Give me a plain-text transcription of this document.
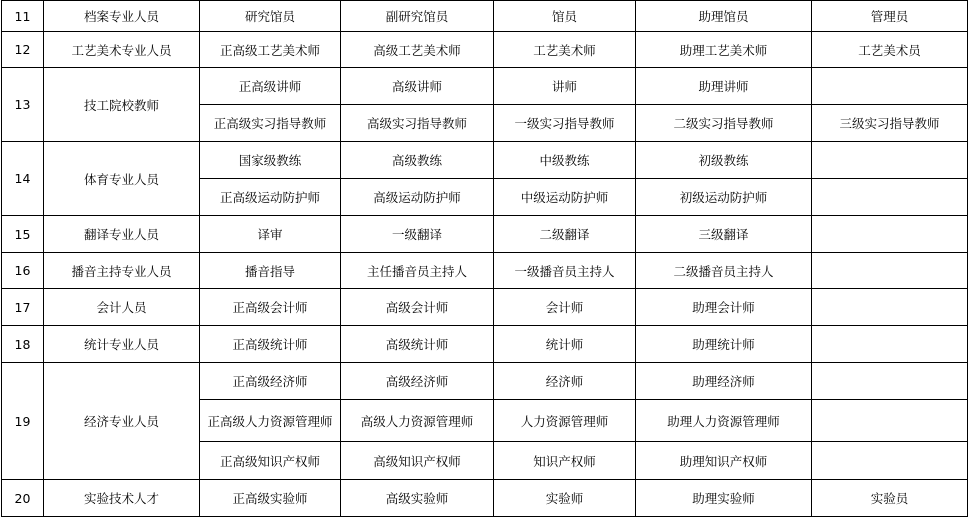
11	档案专业人员	研究馆员	副研究馆员	馆员	助理馆员	管理员
12	工艺美术专业人员	正高级工艺美术师	高级工艺美术师	工艺美术师	助理工艺美术师	工艺美术员
13	技工院校教师	正高级讲师	高级讲师	讲师	助理讲师	
		正高级实习指导教师	高级实习指导教师	一级实习指导教师	二级实习指导教师	三级实习指导教师
14	体育专业人员	国家级教练	高级教练	中级教练	初级教练	
		正高级运动防护师	高级运动防护师	中级运动防护师	初级运动防护师	
15	翻译专业人员	译审	一级翻译	二级翻译	三级翻译	
16	播音主持专业人员	播音指导	主任播音员主持人	一级播音员主持人	二级播音员主持人	
17	会计人员	正高级会计师	高级会计师	会计师	助理会计师	
18	统计专业人员	正高级统计师	高级统计师	统计师	助理统计师	
19	经济专业人员	正高级经济师	高级经济师	经济师	助理经济师	
		正高级人力资源管理师	高级人力资源管理师	人力资源管理师	助理人力资源管理师	
		正高级知识产权师	高级知识产权师	知识产权师	助理知识产权师	
20	实验技术人才	正高级实验师	高级实验师	实验师	助理实验师	实验员
